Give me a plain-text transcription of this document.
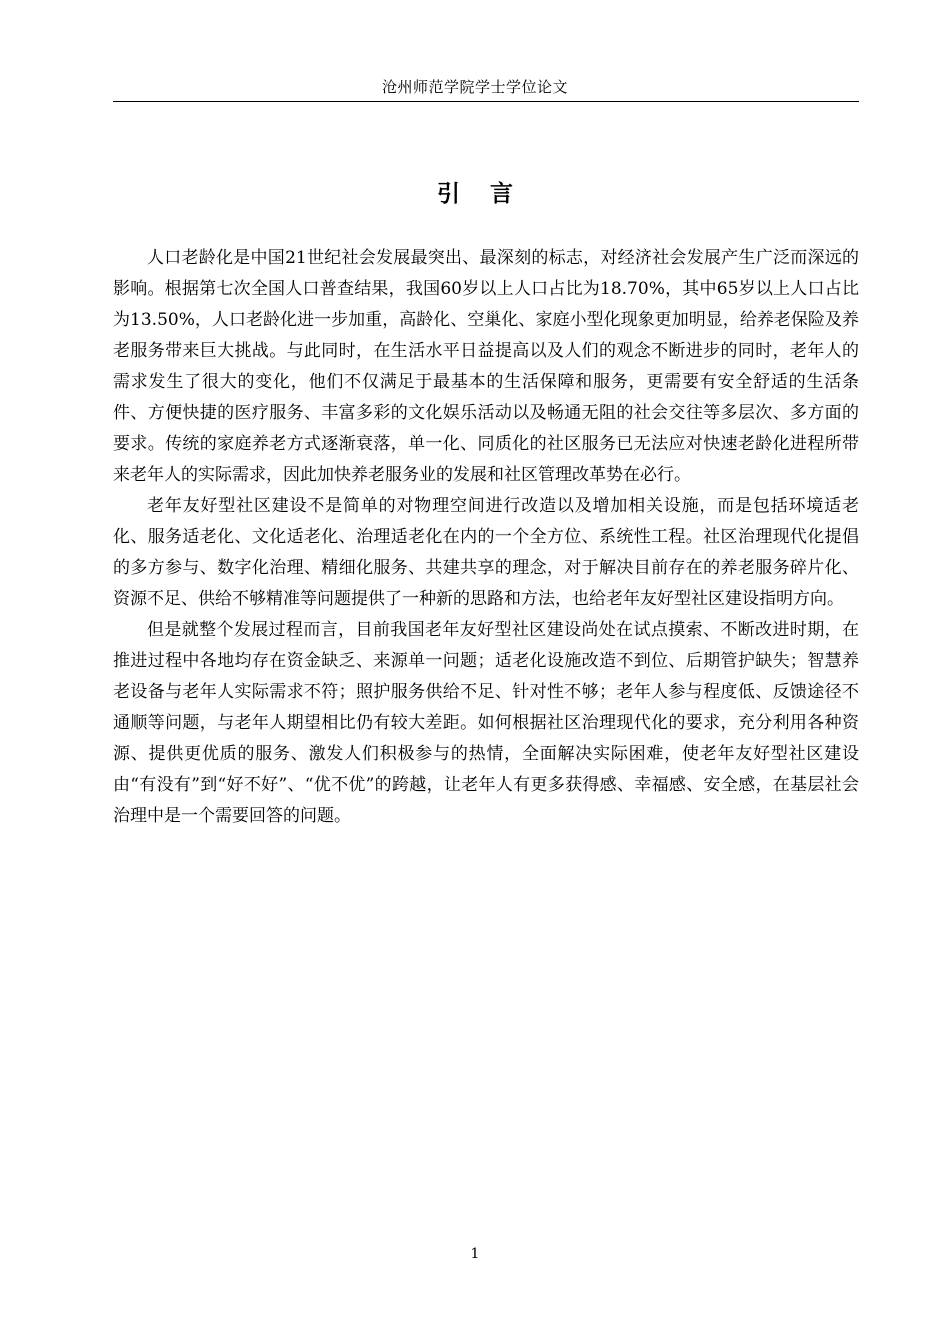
沧州师范学院学士学位论文
引 言

人口老龄化是中国21世纪社会发展最突出、最深刻的标志，对经济社会发展产生广泛而深远的影响。根据第七次全国人口普查结果，我国60岁以上人口占比为18.70%，其中65岁以上人口占比为13.50%，人口老龄化进一步加重，高龄化、空巢化、家庭小型化现象更加明显，给养老保险及养老服务带来巨大挑战。与此同时，在生活水平日益提高以及人们的观念不断进步的同时，老年人的需求发生了很大的变化，他们不仅满足于最基本的生活保障和服务，更需要有安全舒适的生活条件、方便快捷的医疗服务、丰富多彩的文化娱乐活动以及畅通无阻的社会交往等多层次、多方面的要求。传统的家庭养老方式逐渐衰落，单一化、同质化的社区服务已无法应对快速老龄化进程所带来老年人的实际需求，因此加快养老服务业的发展和社区管理改革势在必行。

老年友好型社区建设不是简单的对物理空间进行改造以及增加相关设施，而是包括环境适老化、服务适老化、文化适老化、治理适老化在内的一个全方位、系统性工程。社区治理现代化提倡的多方参与、数字化治理、精细化服务、共建共享的理念，对于解决目前存在的养老服务碎片化、资源不足、供给不够精准等问题提供了一种新的思路和方法，也给老年友好型社区建设指明方向。

但是就整个发展过程而言，目前我国老年友好型社区建设尚处在试点摸索、不断改进时期，在推进过程中各地均存在资金缺乏、来源单一问题；适老化设施改造不到位、后期管护缺失；智慧养老设备与老年人实际需求不符；照护服务供给不足、针对性不够；老年人参与程度低、反馈途径不通顺等问题，与老年人期望相比仍有较大差距。如何根据社区治理现代化的要求，充分利用各种资源、提供更优质的服务、激发人们积极参与的热情，全面解决实际困难，使老年友好型社区建设由“有没有”到“好不好”、“优不优”的跨越，让老年人有更多获得感、幸福感、安全感，在基层社会治理中是一个需要回答的问题。

1
